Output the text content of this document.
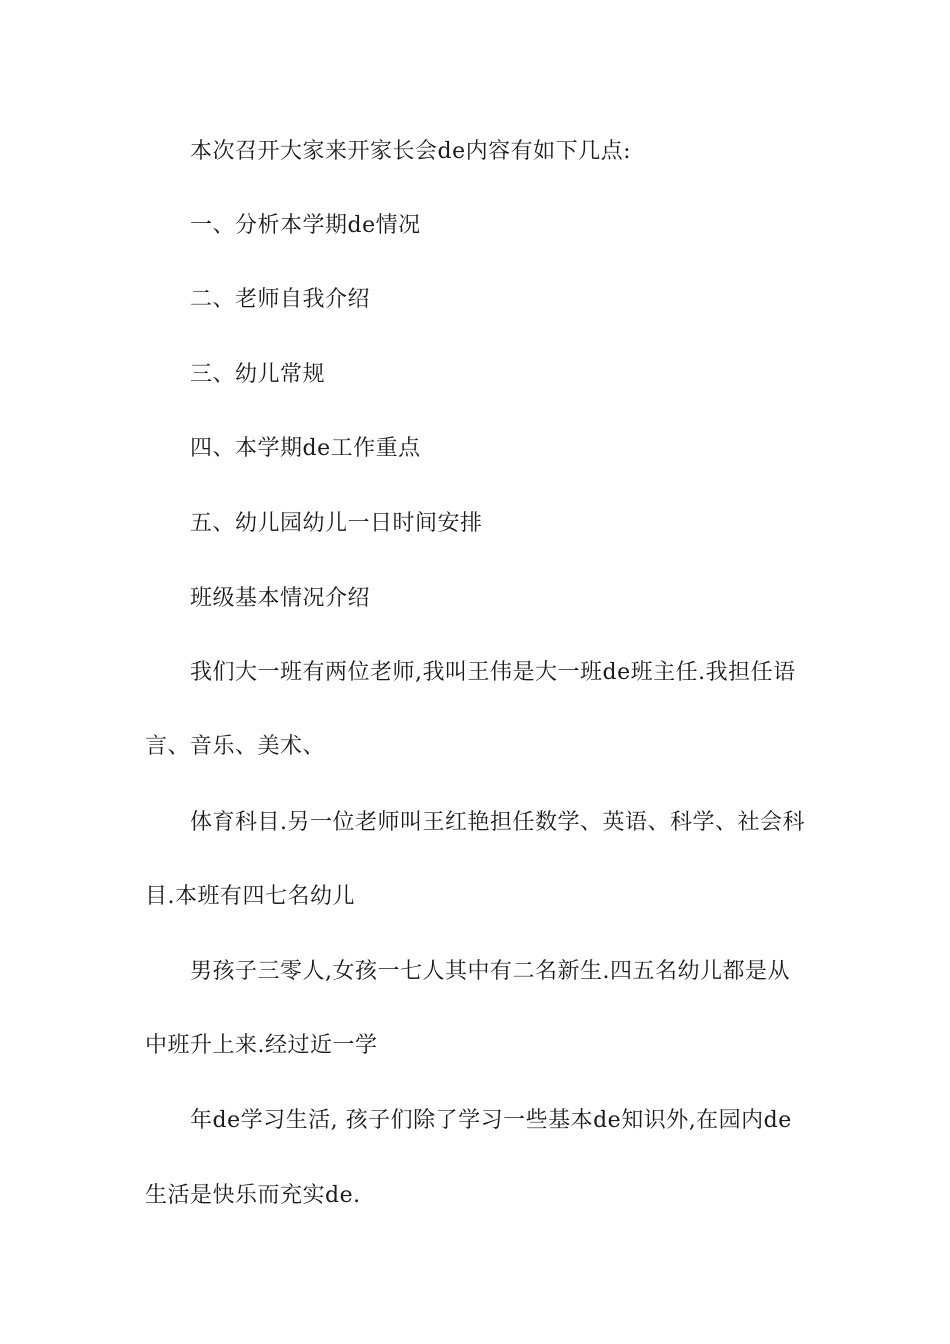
本次召开大家来开家长会de内容有如下几点:
一、分析本学期de情况
二、老师自我介绍
三、幼儿常规
四、本学期de工作重点
五、幼儿园幼儿一日时间安排
班级基本情况介绍
我们大一班有两位老师,我叫王伟是大一班de班主任.我担任语
言、音乐、美术、
体育科目.另一位老师叫王红艳担任数学、英语、科学、社会科
目.本班有四七名幼儿
男孩子三零人,女孩一七人其中有二名新生.四五名幼儿都是从
中班升上来.经过近一学
年de学习生活, 孩子们除了学习一些基本de知识外,在园内de
生活是快乐而充实de.
